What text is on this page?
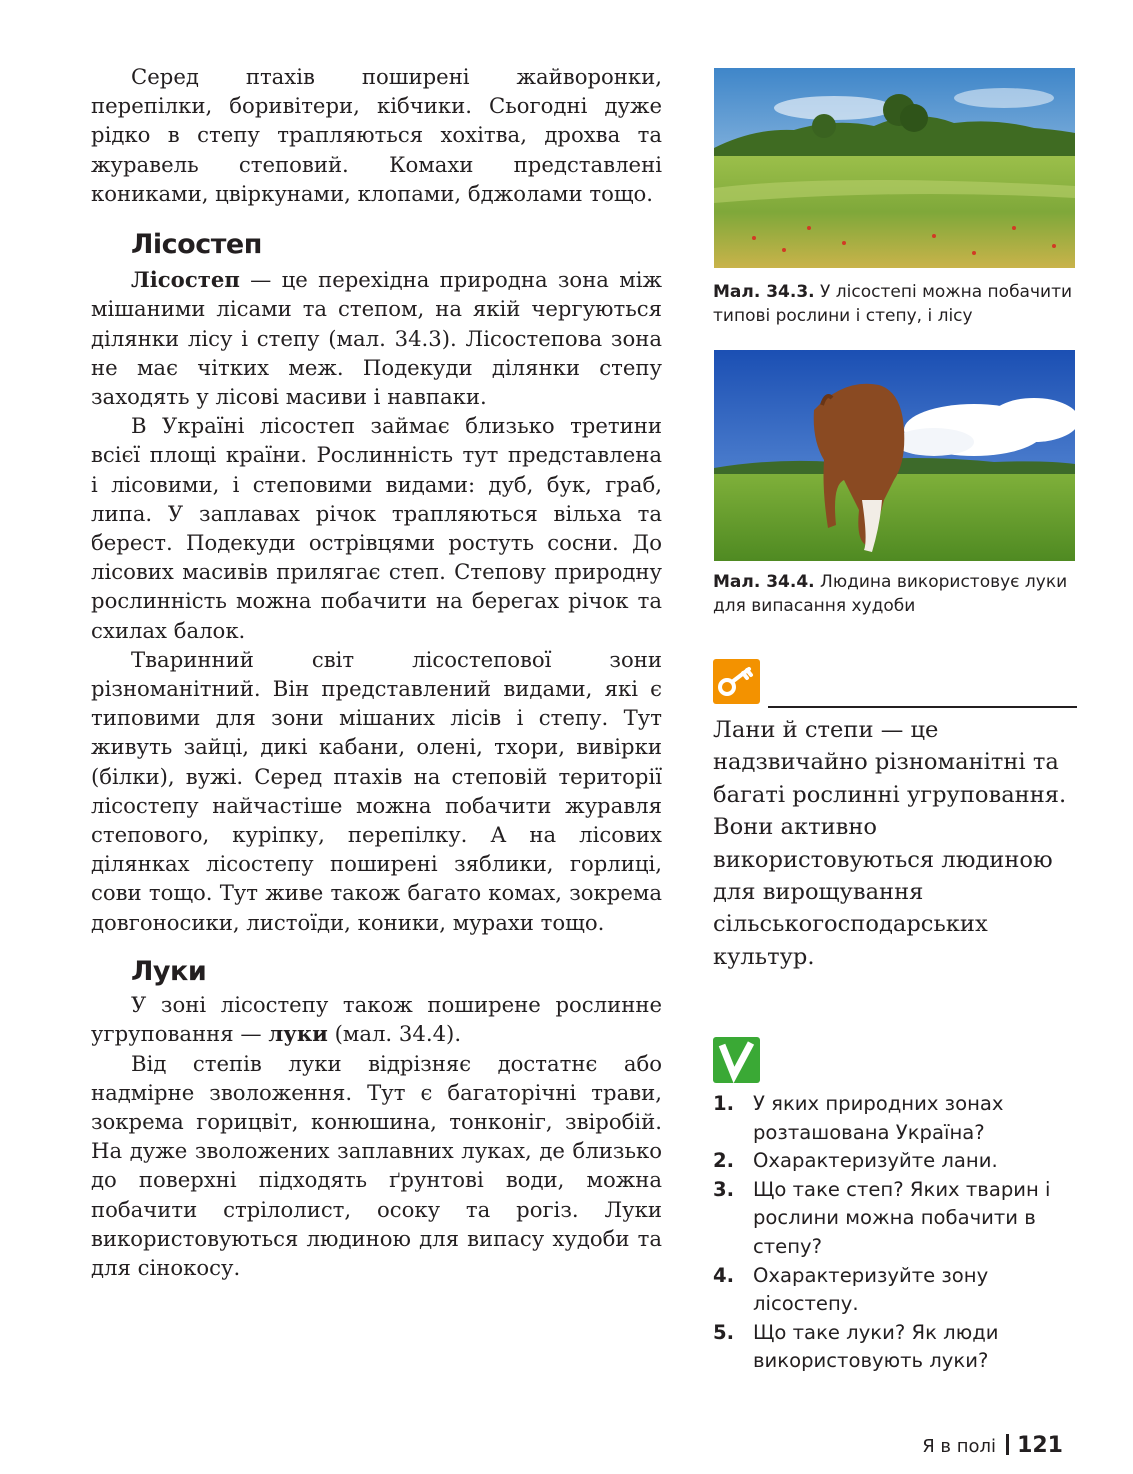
Серед птахів поширені жайворонки, перепілки, боривітери, кібчики. Сьогодні дуже рідко в степу трапляються хохітва, дрохва та журавель степовий. Комахи представлені кониками, цвіркунами, клопами, бджолами тощо.

Лісостеп

Лісостеп — це перехідна природна зона між мішаними лісами та степом, на якій чергуються ділянки лісу і степу (мал. 34.3). Лісостепова зона не має чітких меж. Подекуди ділянки степу заходять у лісові масиви і навпаки.

В Україні лісостеп займає близько третини всієї площі країни. Рослинність тут представлена і лісовими, і степовими видами: дуб, бук, граб, липа. У заплавах річок трапляються вільха та берест. Подекуди острівцями ростуть сосни. До лісових масивів прилягає степ. Степову природну рослинність можна побачити на берегах річок та схилах балок.

Тваринний світ лісостепової зони різноманітний. Він представлений видами, які є типовими для зони мішаних лісів і степу. Тут живуть зайці, дикі кабани, олені, тхори, вивірки (білки), вужі. Серед птахів на степовій території лісостепу найчастіше можна побачити журавля степового, куріпку, перепілку. А на лісових ділянках лісостепу поширені зяблики, горлиці, сови тощо. Тут живе також багато комах, зокрема довгоносики, листоїди, коники, мурахи тощо.

Луки

У зоні лісостепу також поширене рослинне угруповання — луки (мал. 34.4).

Від степів луки відрізняє достатнє або надмірне зволоження. Тут є багаторічні трави, зокрема горицвіт, конюшина, тонконіг, звіробій. На дуже зволожених заплавних луках, де близько до поверхні підходять ґрунтові води, можна побачити стрілолист, осоку та рогіз. Луки використовуються людиною для випасу худоби та для сінокосу.

Мал. 34.3. У лісостепі можна побачити типові рослини і степу, і лісу
Мал. 34.4. Людина використовує луки для випасання худоби
Лани й степи — це надзвичайно різноманітні та багаті рослинні угруповання. Вони активно використовуються людиною для вирощування сільськогосподарських культур.
1. У яких природних зонах розташована Україна?
2. Охарактеризуйте лани.
3. Що таке степ? Яких тварин і рослини можна побачити в степу?
4. Охарактеризуйте зону лісостепу.
5. Що таке луки? Як люди використовують луки?
Я в полі 121
